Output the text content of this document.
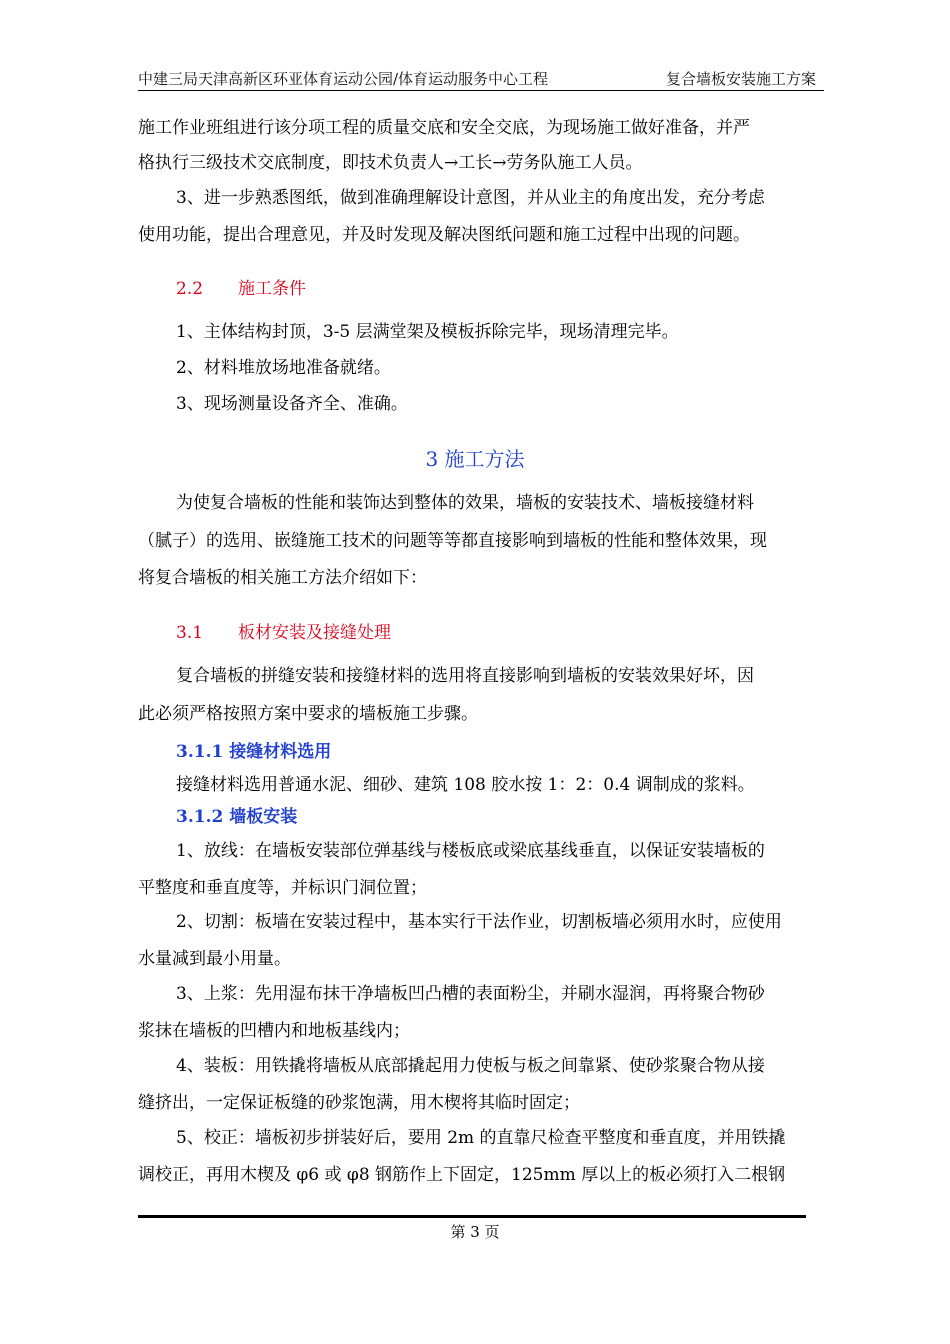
中建三局天津高新区环亚体育运动公园/体育运动服务中心工程	复合墙板安装施工方案
施工作业班组进行该分项工程的质量交底和安全交底，为现场施工做好准备，并严
格执行三级技术交底制度，即技术负责人→工长→劳务队施工人员。
3、进一步熟悉图纸，做到准确理解设计意图，并从业主的角度出发，充分考虑
使用功能，提出合理意见，并及时发现及解决图纸问题和施工过程中出现的问题。
2.2 施工条件
1、主体结构封顶，3-5 层满堂架及模板拆除完毕，现场清理完毕。
2、材料堆放场地准备就绪。
3、现场测量设备齐全、准确。
3 施工方法
为使复合墙板的性能和装饰达到整体的效果，墙板的安装技术、墙板接缝材料
（腻子）的选用、嵌缝施工技术的问题等等都直接影响到墙板的性能和整体效果，现
将复合墙板的相关施工方法介绍如下：
3.1 板材安装及接缝处理
复合墙板的拼缝安装和接缝材料的选用将直接影响到墙板的安装效果好坏，因
此必须严格按照方案中要求的墙板施工步骤。
3.1.1 接缝材料选用
接缝材料选用普通水泥、细砂、建筑 108 胶水按 1：2：0.4 调制成的浆料。
3.1.2 墙板安装
1、放线：在墙板安装部位弹基线与楼板底或梁底基线垂直，以保证安装墙板的
平整度和垂直度等，并标识门洞位置；
2、切割：板墙在安装过程中，基本实行干法作业，切割板墙必须用水时，应使用
水量减到最小用量。
3、上浆：先用湿布抹干净墙板凹凸槽的表面粉尘，并刷水湿润，再将聚合物砂
浆抹在墙板的凹槽内和地板基线内；
4、装板：用铁撬将墙板从底部撬起用力使板与板之间靠紧、使砂浆聚合物从接
缝挤出，一定保证板缝的砂浆饱满，用木楔将其临时固定；
5、校正：墙板初步拼装好后，要用 2m 的直靠尺检查平整度和垂直度，并用铁撬
调校正，再用木楔及 φ6 或 φ8 钢筋作上下固定，125mm 厚以上的板必须打入二根钢
第 3 页
